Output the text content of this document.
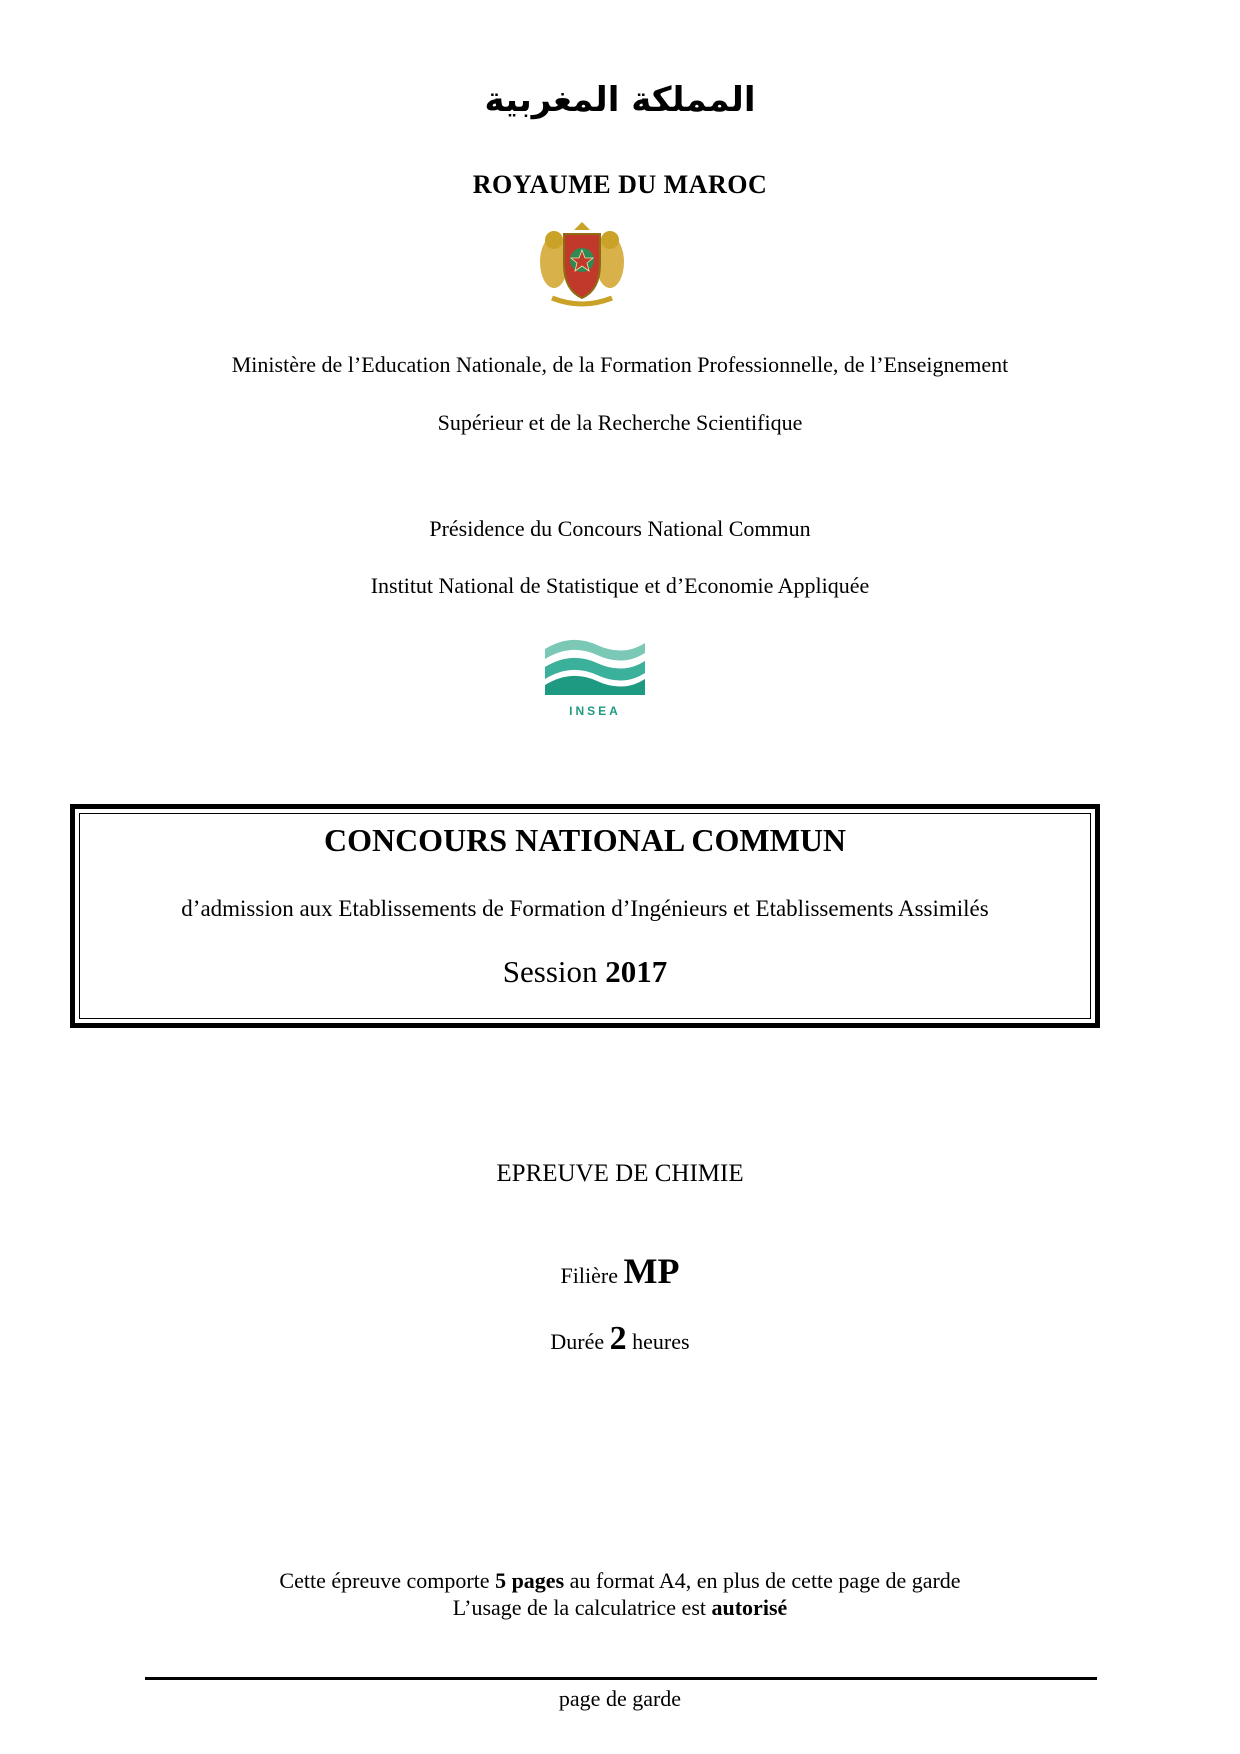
المملكة المغربية
ROYAUME DU MAROC
Ministère de l’Education Nationale, de la Formation Professionnelle, de l’Enseignement
Supérieur et de la Recherche Scientifique
Présidence du Concours National Commun
Institut National de Statistique et d’Economie Appliquée
INSEA
CONCOURS NATIONAL COMMUN
d’admission aux Etablissements de Formation d’Ingénieurs et Etablissements Assimilés
Session 2017
EPREUVE DE CHIMIE
Filière MP
Durée 2 heures
Cette épreuve comporte 5 pages au format A4, en plus de cette page de garde
L’usage de la calculatrice est autorisé
page de garde
